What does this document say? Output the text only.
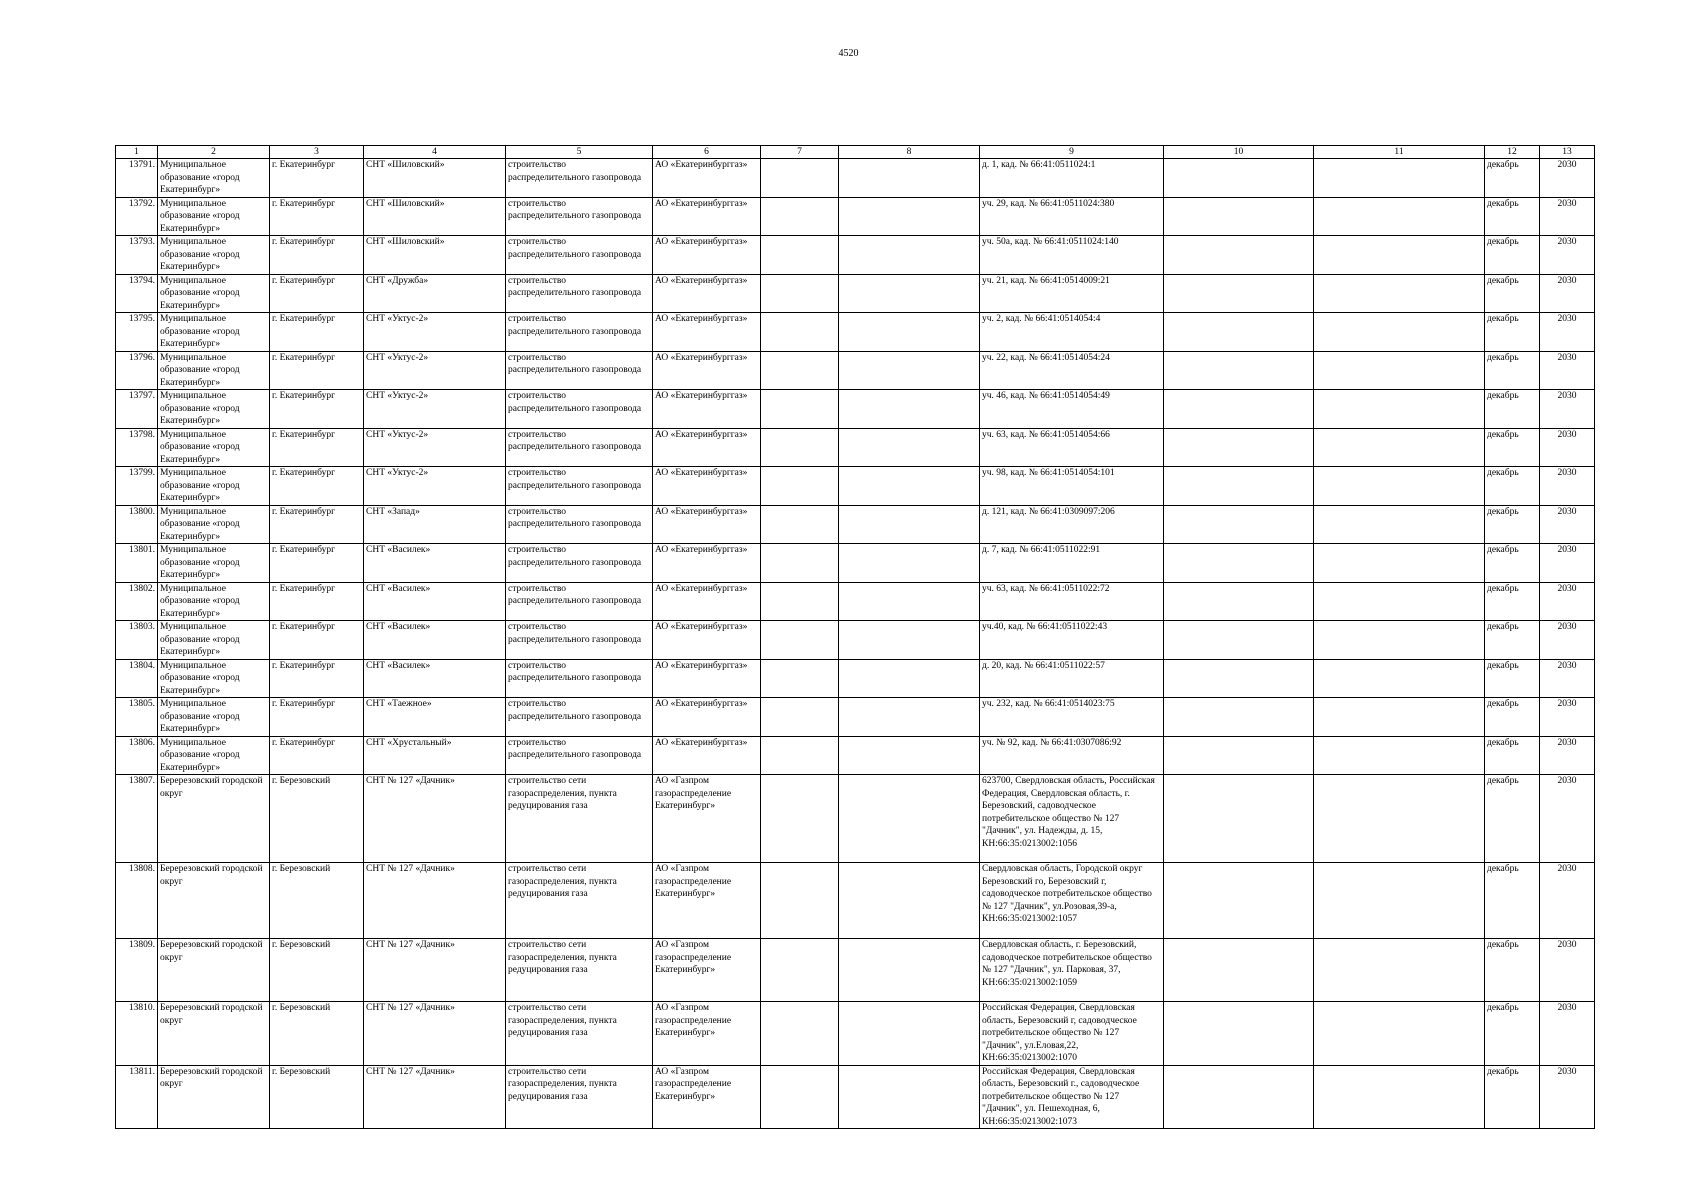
4520
1	2	3	4	5	6	7	8	9	10	11	12	13
13791.	Муниципальное образование «город Екатеринбург»	г. Екатеринбург	СНТ «Шиловский»	строительство распределительного газопровода	АО «Екатеринбурггаз»			д. 1, кад. № 66:41:0511024:1			декабрь	2030
13792.	Муниципальное образование «город Екатеринбург»	г. Екатеринбург	СНТ «Шиловский»	строительство распределительного газопровода	АО «Екатеринбурггаз»			уч. 29, кад. № 66:41:0511024:380			декабрь	2030
13793.	Муниципальное образование «город Екатеринбург»	г. Екатеринбург	СНТ «Шиловский»	строительство распределительного газопровода	АО «Екатеринбурггаз»			уч. 50а, кад. № 66:41:0511024:140			декабрь	2030
13794.	Муниципальное образование «город Екатеринбург»	г. Екатеринбург	СНТ «Дружба»	строительство распределительного газопровода	АО «Екатеринбурггаз»			уч. 21, кад. № 66:41:0514009:21			декабрь	2030
13795.	Муниципальное образование «город Екатеринбург»	г. Екатеринбург	СНТ «Уктус-2»	строительство распределительного газопровода	АО «Екатеринбурггаз»			уч. 2, кад. № 66:41:0514054:4			декабрь	2030
13796.	Муниципальное образование «город Екатеринбург»	г. Екатеринбург	СНТ «Уктус-2»	строительство распределительного газопровода	АО «Екатеринбурггаз»			уч. 22, кад. № 66:41:0514054:24			декабрь	2030
13797.	Муниципальное образование «город Екатеринбург»	г. Екатеринбург	СНТ «Уктус-2»	строительство распределительного газопровода	АО «Екатеринбурггаз»			уч. 46, кад. № 66:41:0514054:49			декабрь	2030
13798.	Муниципальное образование «город Екатеринбург»	г. Екатеринбург	СНТ «Уктус-2»	строительство распределительного газопровода	АО «Екатеринбурггаз»			уч. 63, кад. № 66:41:0514054:66			декабрь	2030
13799.	Муниципальное образование «город Екатеринбург»	г. Екатеринбург	СНТ «Уктус-2»	строительство распределительного газопровода	АО «Екатеринбурггаз»			уч. 98, кад. № 66:41:0514054:101			декабрь	2030
13800.	Муниципальное образование «город Екатеринбург»	г. Екатеринбург	СНТ «Запад»	строительство распределительного газопровода	АО «Екатеринбурггаз»			д. 121, кад. № 66:41:0309097:206			декабрь	2030
13801.	Муниципальное образование «город Екатеринбург»	г. Екатеринбург	СНТ «Василек»	строительство распределительного газопровода	АО «Екатеринбурггаз»			д. 7, кад. № 66:41:0511022:91			декабрь	2030
13802.	Муниципальное образование «город Екатеринбург»	г. Екатеринбург	СНТ «Василек»	строительство распределительного газопровода	АО «Екатеринбурггаз»			уч. 63, кад. № 66:41:0511022:72			декабрь	2030
13803.	Муниципальное образование «город Екатеринбург»	г. Екатеринбург	СНТ «Василек»	строительство распределительного газопровода	АО «Екатеринбурггаз»			уч.40, кад. № 66:41:0511022:43			декабрь	2030
13804.	Муниципальное образование «город Екатеринбург»	г. Екатеринбург	СНТ «Василек»	строительство распределительного газопровода	АО «Екатеринбурггаз»			д. 20, кад. № 66:41:0511022:57			декабрь	2030
13805.	Муниципальное образование «город Екатеринбург»	г. Екатеринбург	СНТ «Таежное»	строительство распределительного газопровода	АО «Екатеринбурггаз»			уч. 232, кад. № 66:41:0514023:75			декабрь	2030
13806.	Муниципальное образование «город Екатеринбург»	г. Екатеринбург	СНТ «Хрустальный»	строительство распределительного газопровода	АО «Екатеринбурггаз»			уч. № 92, кад. № 66:41:0307086:92			декабрь	2030
13807.	Беререзовский городской округ	г. Березовский	СНТ № 127 «Дачник»	строительство сети газораспределения, пункта редуцирования газа	АО «Газпром газораспределение Екатеринбург»			623700, Свердловская область, Российская Федерация, Свердловская область, г. Березовский, садоводческое потребительское общество № 127 "Дачник", ул. Надежды, д. 15, КН:66:35:0213002:1056			декабрь	2030
13808.	Беререзовский городской округ	г. Березовский	СНТ № 127 «Дачник»	строительство сети газораспределения, пункта редуцирования газа	АО «Газпром газораспределение Екатеринбург»			Свердловская область, Городской округ Березовский го, Березовский г, садоводческое потребительское общество № 127 "Дачник", ул.Розовая,39-а, КН:66:35:0213002:1057			декабрь	2030
13809.	Беререзовский городской округ	г. Березовский	СНТ № 127 «Дачник»	строительство сети газораспределения, пункта редуцирования газа	АО «Газпром газораспределение Екатеринбург»			Свердловская область, г. Березовский, садоводческое потребительское общество № 127 "Дачник", ул. Парковая, 37, КН:66:35:0213002:1059			декабрь	2030
13810.	Беререзовский городской округ	г. Березовский	СНТ № 127 «Дачник»	строительство сети газораспределения, пункта редуцирования газа	АО «Газпром газораспределение Екатеринбург»			Российская Федерация, Свердловская область, Березовский г, садоводческое потребительское общество № 127 "Дачник", ул.Еловая,22, КН:66:35:0213002:1070			декабрь	2030
13811.	Беререзовский городской округ	г. Березовский	СНТ № 127 «Дачник»	строительство сети газораспределения, пункта редуцирования газа	АО «Газпром газораспределение Екатеринбург»			Российская Федерация, Свердловская область, Березовский г., садоводческое потребительское общество № 127 "Дачник", ул. Пешеходная, 6, КН:66:35:0213002:1073			декабрь	2030
